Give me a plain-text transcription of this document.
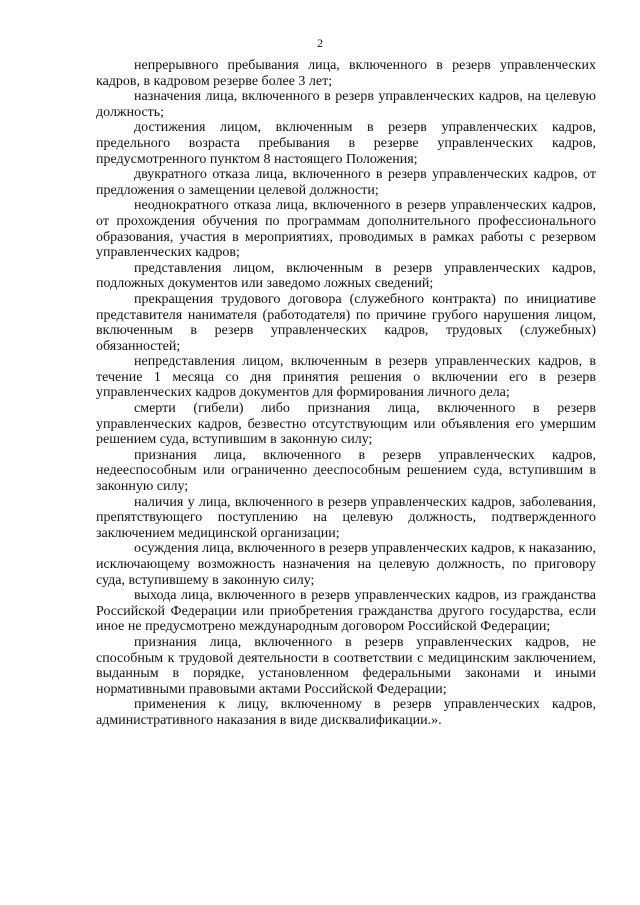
2

непрерывного пребывания лица, включенного в резерв управленческих кадров, в кадровом резерве более 3 лет;

назначения лица, включенного в резерв управленческих кадров, на целевую должность;

достижения лицом, включенным в резерв управленческих кадров, предельного возраста пребывания в резерве управленческих кадров, предусмотренного пунктом 8 настоящего Положения;

двукратного отказа лица, включенного в резерв управленческих кадров, от предложения о замещении целевой должности;

неоднократного отказа лица, включенного в резерв управленческих кадров, от прохождения обучения по программам дополнительного профессионального образования, участия в мероприятиях, проводимых в рамках работы с резервом управленческих кадров;

представления лицом, включенным в резерв управленческих кадров, подложных документов или заведомо ложных сведений;

прекращения трудового договора (служебного контракта) по инициативе представителя нанимателя (работодателя) по причине грубого нарушения лицом, включенным в резерв управленческих кадров, трудовых (служебных) обязанностей;

непредставления лицом, включенным в резерв управленческих кадров, в течение 1 месяца со дня принятия решения о включении его в резерв управленческих кадров документов для формирования личного дела;

смерти (гибели) либо признания лица, включенного в резерв управленческих кадров, безвестно отсутствующим или объявления его умершим решением суда, вступившим в законную силу;

признания лица, включенного в резерв управленческих кадров, недееспособным или ограниченно дееспособным решением суда, вступившим в законную силу;

наличия у лица, включенного в резерв управленческих кадров, заболевания, препятствующего поступлению на целевую должность, подтвержденного заключением медицинской организации;

осуждения лица, включенного в резерв управленческих кадров, к наказанию, исключающему возможность назначения на целевую должность, по приговору суда, вступившему в законную силу;

выхода лица, включенного в резерв управленческих кадров, из гражданства Российской Федерации или приобретения гражданства другого государства, если иное не предусмотрено международным договором Российской Федерации;

признания лица, включенного в резерв управленческих кадров, не способным к трудовой деятельности в соответствии с медицинским заключением, выданным в порядке, установленном федеральными законами и иными нормативными правовыми актами Российской Федерации;

применения к лицу, включенному в резерв управленческих кадров, административного наказания в виде дисквалификации.».
